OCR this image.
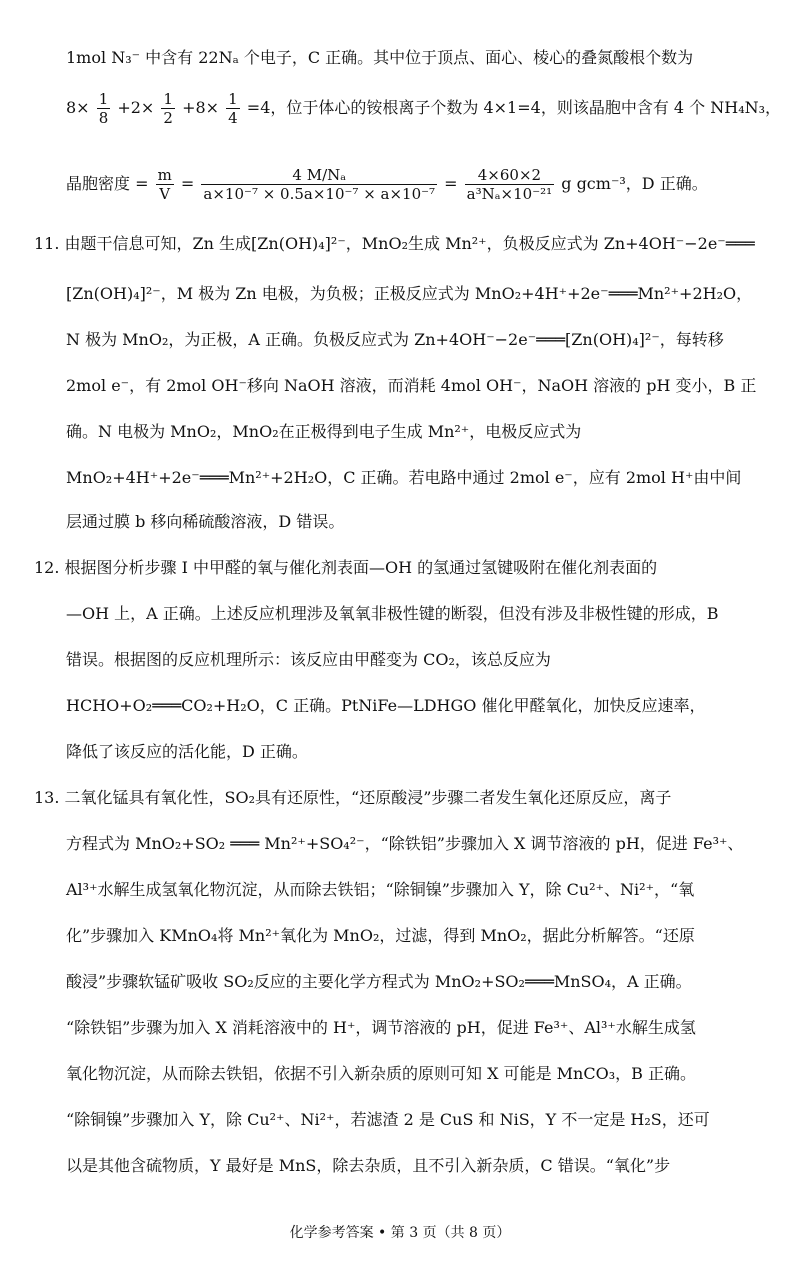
1mol N₃⁻ 中含有 22Nₐ 个电子，C 正确。其中位于顶点、面心、棱心的叠氮酸根个数为
$8\times \frac{1}{8} +2\times \frac{1}{2} +8\times \frac{1}{4} =4$，位于体心的铵根离子个数为 4×1=4，则该晶胞中含有 4 个 NH₄N₃，
晶胞密度 = $\frac{m}{V} = \frac{\text{4 M/Nₐ}}{\text{a×10⁻⁷ × 0.5a×10⁻⁷ × a×10⁻⁷}} = \frac{4\times 60\times 2}{\text{a³Nₐ×10⁻²¹}}$ g gcm⁻³，D 正确。
11. 由题干信息可知，Zn 生成[Zn(OH)₄]²⁻，MnO₂生成 Mn²⁺，负极反应式为 Zn+4OH⁻−2e⁻═══
[Zn(OH)₄]²⁻，M 极为 Zn 电极，为负极；正极反应式为 MnO₂+4H⁺+2e⁻═══Mn²⁺+2H₂O，
N 极为 MnO₂，为正极，A 正确。负极反应式为 Zn+4OH⁻−2e⁻═══[Zn(OH)₄]²⁻，每转移
2mol e⁻，有 2mol OH⁻移向 NaOH 溶液，而消耗 4mol OH⁻，NaOH 溶液的 pH 变小，B 正
确。N 电极为 MnO₂，MnO₂在正极得到电子生成 Mn²⁺，电极反应式为
MnO₂+4H⁺+2e⁻═══Mn²⁺+2H₂O，C 正确。若电路中通过 2mol e⁻，应有 2mol H⁺由中间
层通过膜 b 移向稀硫酸溶液，D 错误。
12. 根据图分析步骤 I 中甲醛的氧与催化剂表面—OH 的氢通过氢键吸附在催化剂表面的
—OH 上，A 正确。上述反应机理涉及氧氧非极性键的断裂，但没有涉及非极性键的形成，B
错误。根据图的反应机理所示：该反应由甲醛变为 CO₂，该总反应为
HCHO+O₂═══CO₂+H₂O，C 正确。PtNiFe—LDHGO 催化甲醛氧化，加快反应速率，
降低了该反应的活化能，D 正确。
13. 二氧化锰具有氧化性，SO₂具有还原性，“还原酸浸”步骤二者发生氧化还原反应，离子
方程式为 MnO₂+SO₂ ═══ Mn²⁺+SO₄²⁻，“除铁铝”步骤加入 X 调节溶液的 pH，促进 Fe³⁺、
Al³⁺水解生成氢氧化物沉淀，从而除去铁铝；“除铜镍”步骤加入 Y，除 Cu²⁺、Ni²⁺，“氧
化”步骤加入 KMnO₄将 Mn²⁺氧化为 MnO₂，过滤，得到 MnO₂，据此分析解答。“还原
酸浸”步骤软锰矿吸收 SO₂反应的主要化学方程式为 MnO₂+SO₂═══MnSO₄，A 正确。
“除铁铝”步骤为加入 X 消耗溶液中的 H⁺，调节溶液的 pH，促进 Fe³⁺、Al³⁺水解生成氢
氧化物沉淀，从而除去铁铝，依据不引入新杂质的原则可知 X 可能是 MnCO₃，B 正确。
“除铜镍”步骤加入 Y，除 Cu²⁺、Ni²⁺，若滤渣 2 是 CuS 和 NiS，Y 不一定是 H₂S，还可
以是其他含硫物质，Y 最好是 MnS，除去杂质，且不引入新杂质，C 错误。“氧化”步
化学参考答案 • 第 3 页（共 8 页）
